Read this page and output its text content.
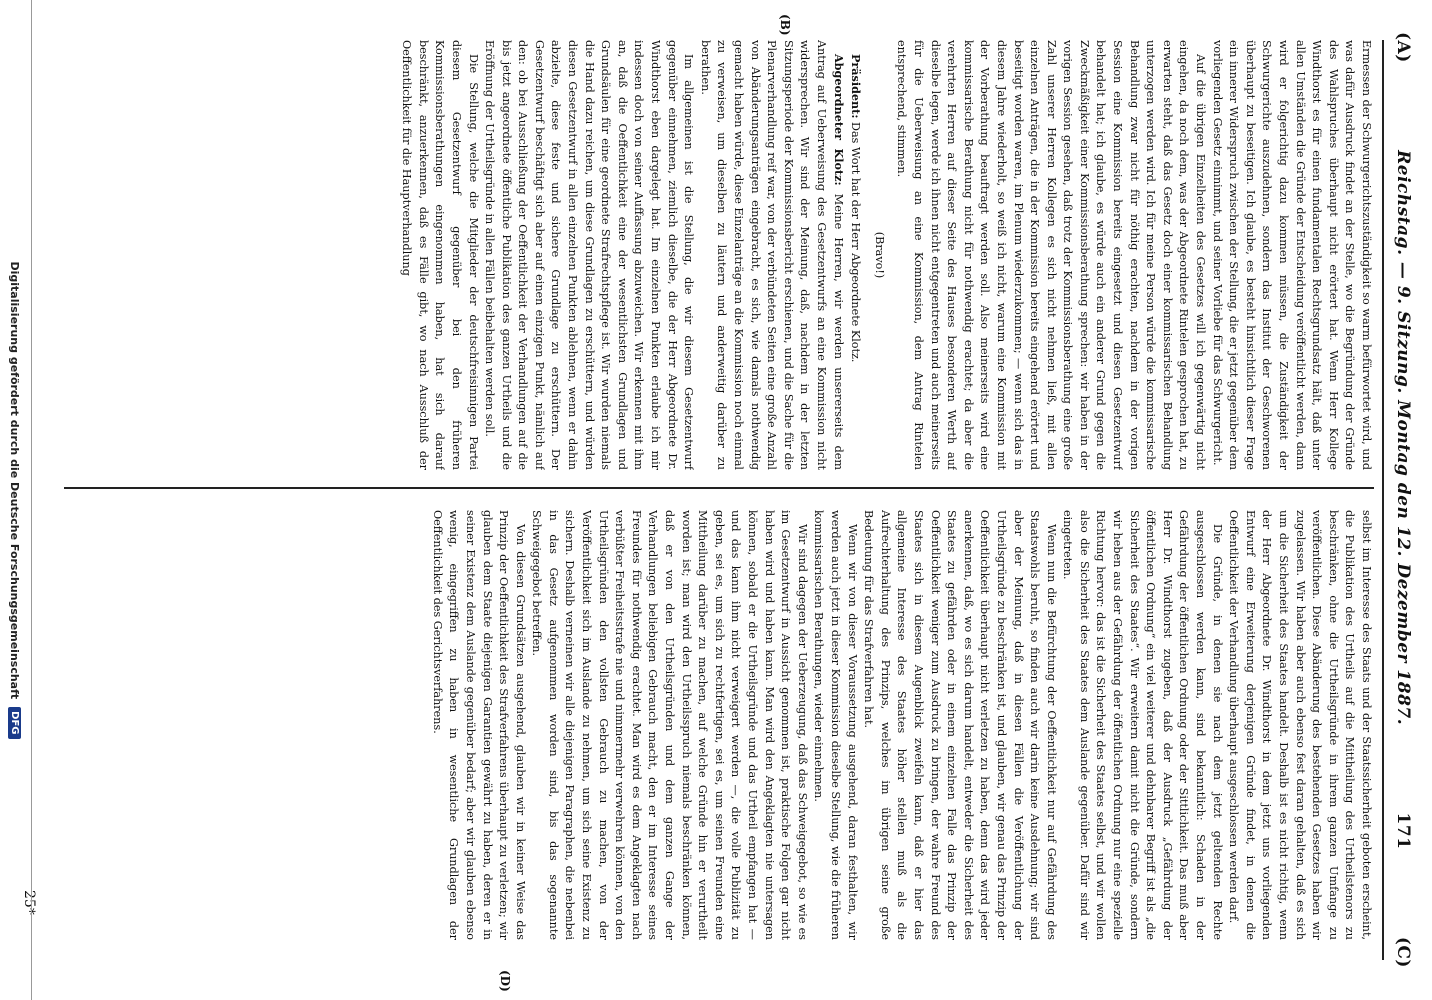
(A)
Reichstag. — 9. Sitzung. Montag den 12. Dezember 1887.
171
(C)
(B)
(D)

Ermessen der Schwurgerichtszuständigkeit so warm befürwortet wird, und was dafür Ausdruck findet an der Stelle, wo die Begründung der Gründe des Wahlspruches überhaupt nicht erörtert hat. Wenn Herr Kollege Windthorst es für einen fundamentalen Rechtsgrundsatz hält, daß unter allen Umständen die Gründe der Entscheidung veröffentlicht werden, dann wird er folgerichtig dazu kommen müssen, die Zuständigkeit der Schwurgerichte auszudehnen, sondern das Institut der Geschworenen überhaupt zu beseitigen. Ich glaube, es besteht hinsichtlich dieser Frage ein innerer Widerspruch zwischen der Stellung, die er jetzt gegenüber dem vorliegenden Gesetz einnimmt, und seiner Vorliebe für das Schwurgericht.

Auf die übrigen Einzelheiten des Gesetzes will ich gegenwärtig nicht eingehen, da noch dem, was der Abgeordnete Rintelen gesprochen hat, zu erwarten steht, daß das Gesetz doch einer kommissarischen Behandlung unterzogen werden wird. Ich für meine Person würde die kommissarische Behandlung zwar nicht für nöthig erachten, nachdem in der vorigen Session eine Kommission bereits eingesetzt und diesen Gesetzentwurf behandelt hat; ich glaube, es würde auch ein anderer Grund gegen die Zweckmäßigkeit einer Kommissionsberathung sprechen: wir haben in der vorigen Session gesehen, daß trotz der Kommissionsberathung eine große Zahl unserer Herren Kollegen es sich nicht nehmen ließ, mit allen einzelnen Anträgen, die in der Kommission bereits eingehend erörtert und beseitigt worden waren, im Plenum wiederzukommen; — wenn sich das in diesem Jahre wiederholt, so weiß ich nicht, warum eine Kommission mit der Vorberathung beauftragt werden soll. Also meinerseits wird eine kommissarische Berathung nicht für nothwendig erachtet; da aber die verehrten Herren auf dieser Seite des Hauses besonderen Werth auf dieselbe legen, werde ich ihnen nicht entgegentreten und auch meinerseits für die Ueberweisung an eine Kommission, dem Antrag Rintelen entsprechend, stimmen.

(Bravo!)

Präsident: Das Wort hat der Herr Abgeordnete Klotz.

Abgeordneter Klotz: Meine Herren, wir werden unsererseits dem Antrag auf Ueberweisung des Gesetzentwurfs an eine Kommission nicht widersprechen. Wir sind der Meinung, daß, nachdem in der letzten Sitzungsperiode der Kommissionsbericht erschienen, und die Sache für die Plenarverhandlung reif war, von der verbündeten Seiten eine große Anzahl von Abänderungsanträgen eingebracht, es sich, wie damals nothwendig gemacht haben würde, diese Einzelanträge an die Kommission noch einmal zu verweisen, um dieselben zu läutern und anderweitig darüber zu berathen.

Im allgemeinen ist die Stellung, die wir diesem Gesetzentwurf gegenüber einnehmen, ziemlich dieselbe, die der Herr Abgeordnete Dr. Windthorst eben dargelegt hat. Im einzelnen Punkten erlaube ich mir indessen doch von seiner Auffassung abzuweichen. Wir erkennen mit ihm an, daß die Oeffentlichkeit eine der wesentlichsten Grundlagen und Grundsäulen für eine geordnete Strafrechtspflege ist. Wir wurden niemals die Hand dazu reichen, um diese Grundlagen zu erschüttern, und würden diesen Gesetzentwurf in allen einzelnen Punkten ablehnen, wenn er dahin abzielte, diese feste und sichere Grundlage zu erschüttern. Der Gesetzentwurf beschäftigt sich aber auf einen einzigen Punkt, nämlich auf den: ob bei Ausschließung der Oeffentlichkeit der Verhandlungen auf die bis jetzt angeordnete öffentliche Publikation des ganzen Urtheils und die Eröffnung der Urtheilsgründe in allen Fällen beibehalten werden soll.

Die Stellung, welche die Mitglieder der deutschfreisinnigen Partei diesem Gesetzentwurf gegenüber bei den früheren Kommissionsberathungen eingenommen haben, hat sich darauf beschränkt, anzuerkennen, daß es Fälle gibt, wo nach Ausschluß der Oeffentlichkeit für die Hauptverhandlung

selbst im Interesse des Staats und der Staatssicherheit geboten erscheint, die Publikation des Urtheils auf die Mittheilung des Urtheilstenors zu beschränken, ohne die Urtheilsgründe in ihrem ganzen Umfange zu veröffentlichen. Diese Abänderung des bestehenden Gesetzes haben wir zugelassen. Wir haben aber auch ebenso fest daran gehalten, daß es sich um die Sicherheit des Staates handelt. Deshalb ist es nicht richtig, wenn der Herr Abgeordnete Dr. Windthorst in dem jetzt uns vorliegenden Entwurf eine Erweiterung derjenigen Gründe findet, in denen die Oeffentlichkeit der Verhandlung überhaupt ausgeschlossen werden darf.

Die Gründe, in denen sie nach dem jetzt geltenden Rechte ausgeschlossen werden kann, sind bekanntlich: Schaden in der Gefährdung der öffentlichen Ordnung oder der Sittlichkeit. Das muß aber Herr Dr. Windthorst zugeben, daß der Ausdruck „Gefährdung der öffentlichen Ordnung“ ein viel weiterer und dehnbarer Begriff ist als „die Sicherheit des Staates“. Wir erweitern damit nicht die Gründe, sondern wir heben aus der Gefährdung der öffentlichen Ordnung nur eine spezielle Richtung hervor: das ist die Sicherheit des Staates selbst, und wir wollen also die Sicherheit des Staates dem Auslande gegenüber. Dafür sind wir eingetreten.

Wenn nun die Befürchtung der Oeffentlichkeit nur auf Gefährdung des Staatswohls beruht, so finden auch wir darin keine Ausdehnung; wir sind aber der Meinung, daß in diesen Fällen die Veröffentlichung der Urtheilsgründe zu beschränken ist, und glauben, wir genau das Prinzip der Oeffentlichkeit überhaupt nicht verletzen zu haben, denn das wird jeder anerkennen, daß, wo es sich darum handelt, entweder die Sicherheit des Staates zu gefährden oder in einem einzelnen Falle das Prinzip der Oeffentlichkeit weniger zum Ausdruck zu bringen, der wahre Freund des Staates sich in diesem Augenblick zweifeln kann, daß er hier das allgemeine Interesse des Staates höher stellen muß als die Aufrechterhaltung des Prinzips, welches im übrigen seine große Bedeutung für das Strafverfahren hat.

Wenn wir von dieser Voraussetzung ausgehend, daran festhalten, wir werden auch jetzt in dieser Kommission dieselbe Stellung, wie die früheren kommissarischen Berathungen, wieder einnehmen.

Wir sind dagegen der Ueberzeugung, daß das Schweigegebot, so wie es im Gesetzentwurf in Aussicht genommen ist, praktische Folgen gar nicht haben wird und haben kann. Man wird den Angeklagten nie untersagen können, sobald er die Urtheilsgründe und das Urtheil empfangen hat — und das kann ihm nicht verweigert werden —, die volle Publizität zu geben, sei es, um sich zu rechtfertigen, sei es, um seinen Freunden eine Mittheilung darüber zu machen, auf welche Gründe hin er verurtheilt worden ist; man wird den Urtheilsspruch niemals beschränken können, daß er von den Urtheilsgründen und dem ganzen Gange der Verhandlungen beliebigen Gebrauch macht, den er im Interesse seines Freundes für nothwendig erachtet. Man wird es dem Angeklagten nach verbüßter Freiheitsstrafe nie und nimmermehr verwehren können, von den Urtheilsgründen den vollsten Gebrauch zu machen, von der Veröffentlichkeit sich im Auslande zu nehmen, um sich seine Existenz zu sichern. Deshalb verneinen wir alle diejenigen Paragraphen, die nebenbei in das Gesetz aufgenommen worden sind, bis das sogenannte Schweigegebot betreffen.

Von diesen Grundsätzen ausgehend, glauben wir in keiner Weise das Prinzip der Oeffentlichkeit des Strafverfahrens überhaupt zu verletzen; wir glauben dem Staate diejenigen Garantien gewährt zu haben, deren er in seiner Existenz dem Auslande gegenüber bedarf; aber wir glauben ebenso wenig, eingegriffen zu haben in wesentliche Grundlagen der Oeffentlichkeit des Gerichtsverfahrens.

25*
Digitalisierung gefördert durch die Deutsche Forschungsgemeinschaft
DFG
